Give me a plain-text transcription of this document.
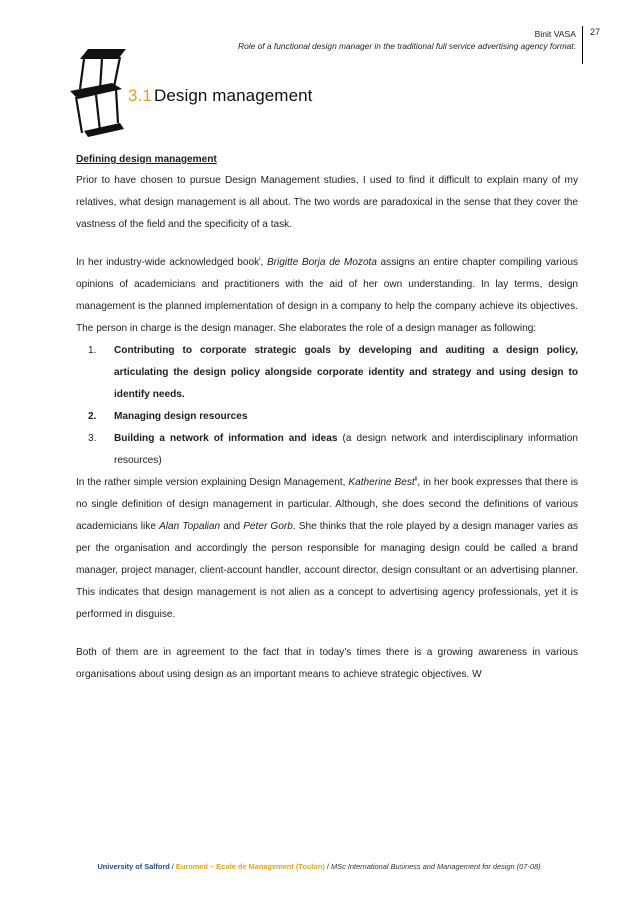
Binit VASA
Role of a functional design manager in the traditional full service advertising agency format.
27
3.1 Design management

Defining design management

Prior to have chosen to pursue Design Management studies, I used to find it difficult to explain many of my relatives, what design management is all about. The two words are paradoxical in the sense that they cover the vastness of the field and the specificity of a task.

In her industry-wide acknowledged book$^i$, Brigitte Borja de Mozota assigns an entire chapter compiling various opinions of academicians and practitioners with the aid of her own understanding. In lay terms, design management is the planned implementation of design in a company to help the company achieve its objectives. The person in charge is the design manager. She elaborates the role of a design manager as following:

1. Contributing to corporate strategic goals by developing and auditing a design policy, articulating the design policy alongside corporate identity and strategy and using design to identify needs.
2. Managing design resources
3. Building a network of information and ideas (a design network and interdisciplinary information resources)

In the rather simple version explaining Design Management, Katherine Best$^{ii}$, in her book expresses that there is no single definition of design management in particular. Although, she does second the definitions of various academicians like Alan Topalian and Peter Gorb. She thinks that the role played by a design manager varies as per the organisation and accordingly the person responsible for managing design could be called a brand manager, project manager, client-account handler, account director, design consultant or an advertising planner. This indicates that design management is not alien as a concept to advertising agency professionals, yet it is performed in disguise.

Both of them are in agreement to the fact that in today's times there is a growing awareness in various organisations about using design as an important means to achieve strategic objectives. W

University of Salford / Euromed – Ecole de Management (Toulon) / MSc International Business and Management for design (07-08)
